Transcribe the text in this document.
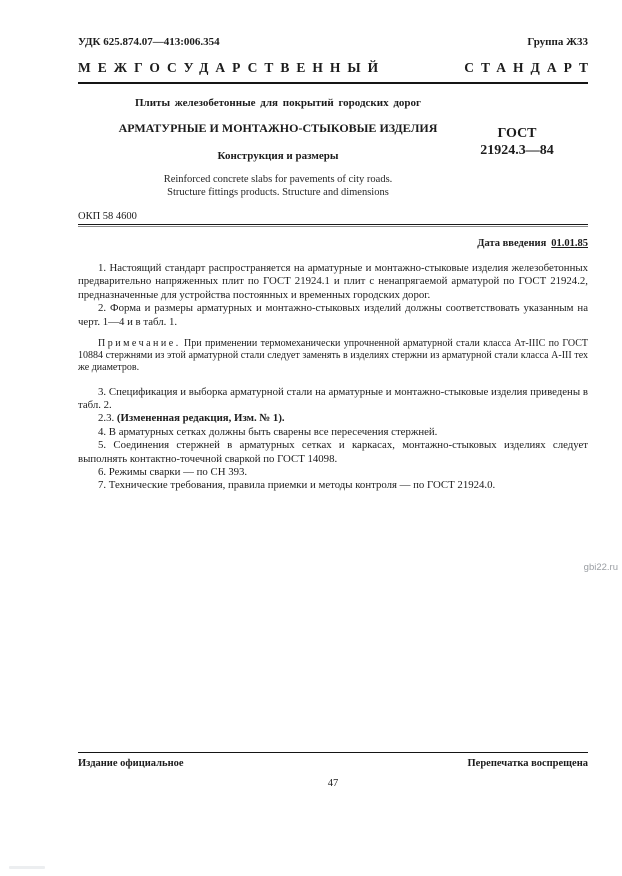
УДК 625.874.07—413:006.354	Группа Ж33
МЕЖГОСУДАРСТВЕННЫЙ	СТАНДАРТ
Плиты железобетонные для покрытий городских дорог
АРМАТУРНЫЕ И МОНТАЖНО-СТЫКОВЫЕ ИЗДЕЛИЯ
Конструкция и размеры
Reinforced concrete slabs for pavements of city roads.
Structure fittings products. Structure and dimensions
ГОСТ
21924.3—84
ОКП 58 4600
Дата введения 01.01.85

1. Настоящий стандарт распространяется на арматурные и монтажно-стыковые изделия железобетонных предварительно напряженных плит по ГОСТ 21924.1 и плит с ненапрягаемой арматурой по ГОСТ 21924.2, предназначенные для устройства постоянных и временных городских дорог.

2. Форма и размеры арматурных и монтажно-стыковых изделий должны соответствовать указанным на черт. 1—4 и в табл. 1.

Примечание. При применении термомеханически упрочненной арматурной стали класса Ат-IIIС по ГОСТ 10884 стержнями из этой арматурной стали следует заменять в изделиях стержни из арматурной стали класса А-III тех же диаметров.

3. Спецификация и выборка арматурной стали на арматурные и монтажно-стыковые изделия приведены в табл. 2.

2.3. (Измененная редакция, Изм. № 1).

4. В арматурных сетках должны быть сварены все пересечения стержней.

5. Соединения стержней в арматурных сетках и каркасах, монтажно-стыковых изделиях следует выполнять контактно-точечной сваркой по ГОСТ 14098.

6. Режимы сварки — по СН 393.

7. Технические требования, правила приемки и методы контроля — по ГОСТ 21924.0.

gbi22.ru
Издание официальное	Перепечатка воспрещена
47
